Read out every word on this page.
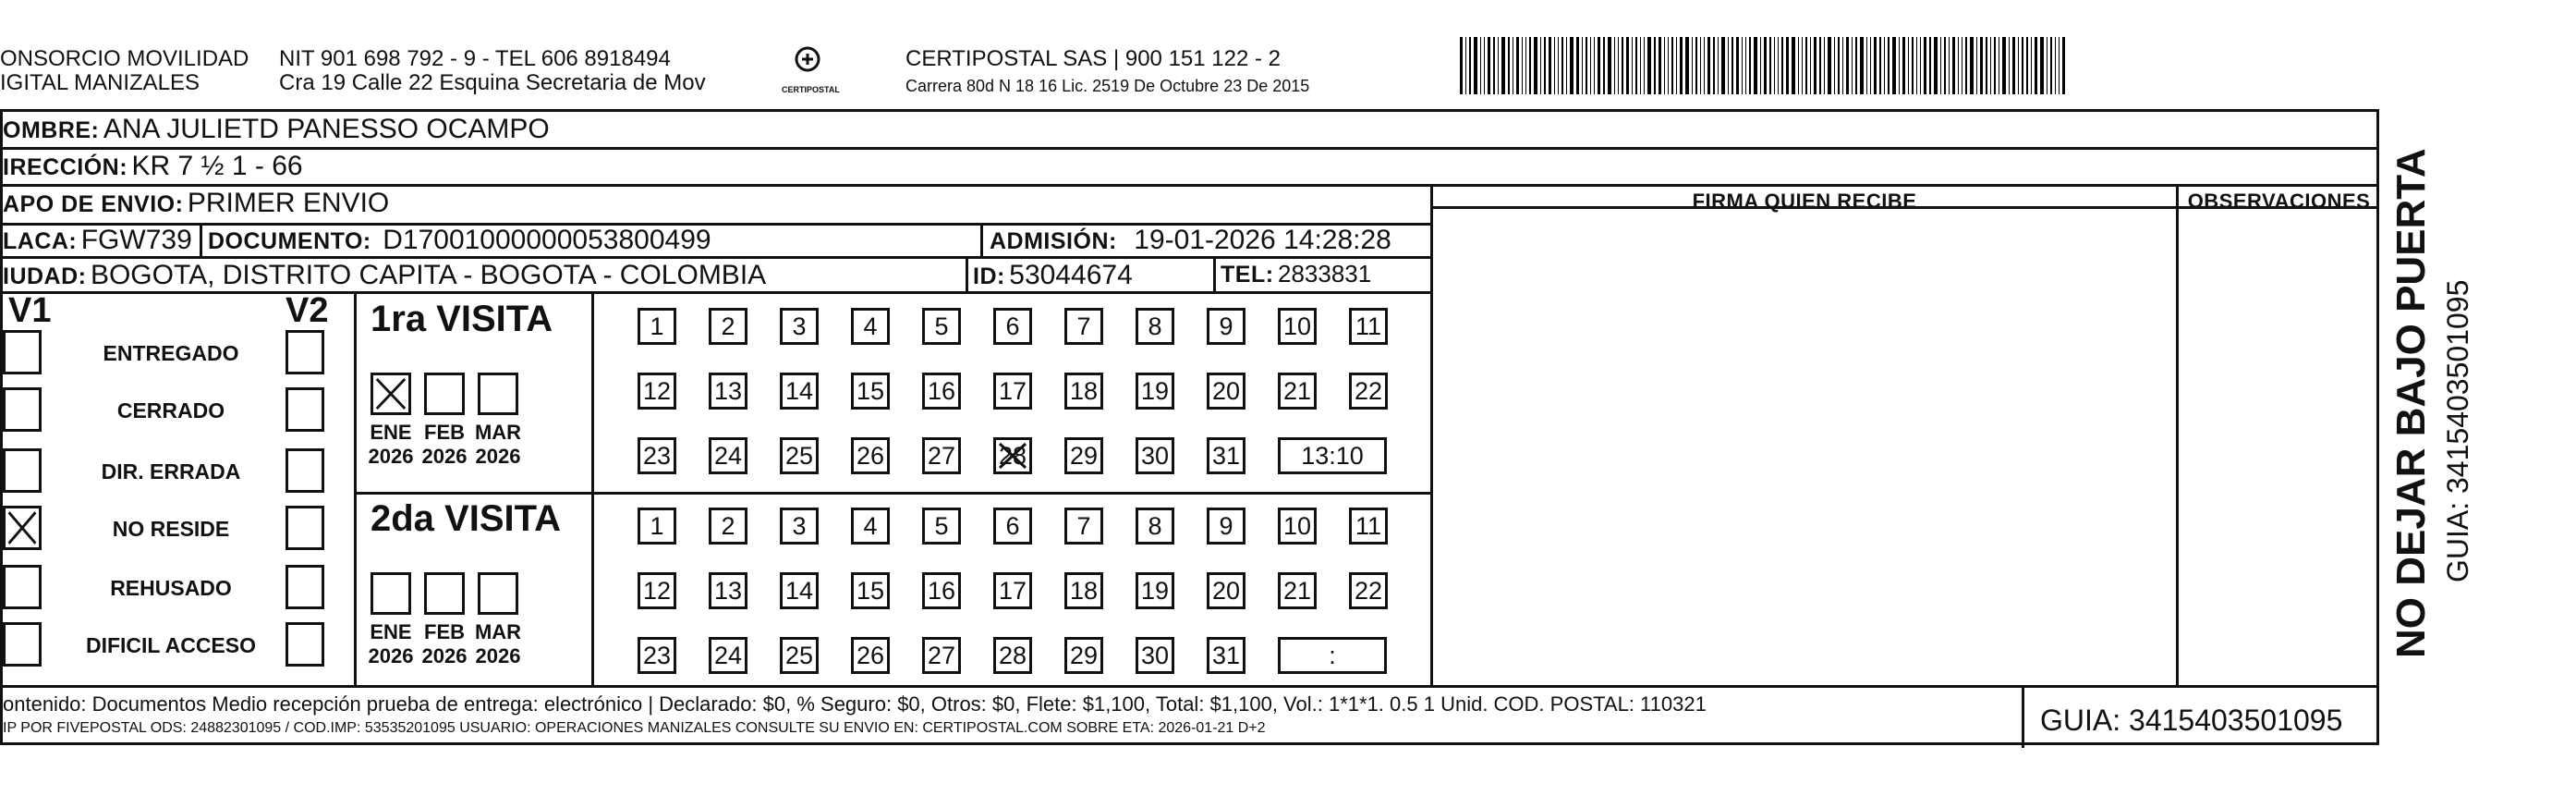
ONSORCIO MOVILIDAD
IGITAL MANIZALES
NIT 901 698 792 - 9 - TEL 606 8918494
Cra 19 Calle 22 Esquina Secretaria de Mov	CERTIPOSTAL
CERTIPOSTAL SAS | 900 151 122 - 2
Carrera 80d N 18 16 Lic. 2519 De Octubre 23 De 2015
OMBRE: ANA JULIETD PANESSO OCAMPO
IRECCIÓN: KR 7 ½ 1 - 66
APO DE ENVIO: PRIMER ENVIO
LACA: FGW739 DOCUMENTO: D17001000000053800499	ADMISIÓN: 19-01-2026 14:28:28
IUDAD: BOGOTA, DISTRITO CAPITA - BOGOTA - COLOMBIA	ID: 53044674	TEL: 2833831
FIRMA QUIEN RECIBE	OBSERVACIONES
V1	V2
ENTREGADO
CERRADO
DIR. ERRADA
NO RESIDE
REHUSADO
DIFICIL ACCESO
1ra VISITA
ENE
2026
FEB
2026
MAR
2026
1	2	3	4	5	6	7	8	9	10 11
12 13 14 15 16 17 18 19 20 21 22
23 24 25 26 27 28 29 30 31	13:10
2da VISITA
ENE
2026
FEB
2026
MAR
2026
1	2	3	4	5	6	7	8	9	10 11
12 13 14 15 16 17 18 19 20 21 22
23 24 25 26 27 28 29 30 31	:
ontenido: Documentos Medio recepción prueba de entrega: electrónico | Declarado: $0, % Seguro: $0, Otros: $0, Flete: $1,100, Total: $1,100, Vol.: 1*1*1. 0.5 1 Unid. COD. POSTAL: 110321
IP POR FIVEPOSTAL ODS: 24882301095 / COD.IMP: 53535201095 USUARIO: OPERACIONES MANIZALES CONSULTE SU ENVIO EN: CERTIPOSTAL.COM SOBRE ETA: 2026-01-21 D+2	GUIA: 3415403501095
NO DEJAR BAJO PUERTA GUIA: 3415403501095
